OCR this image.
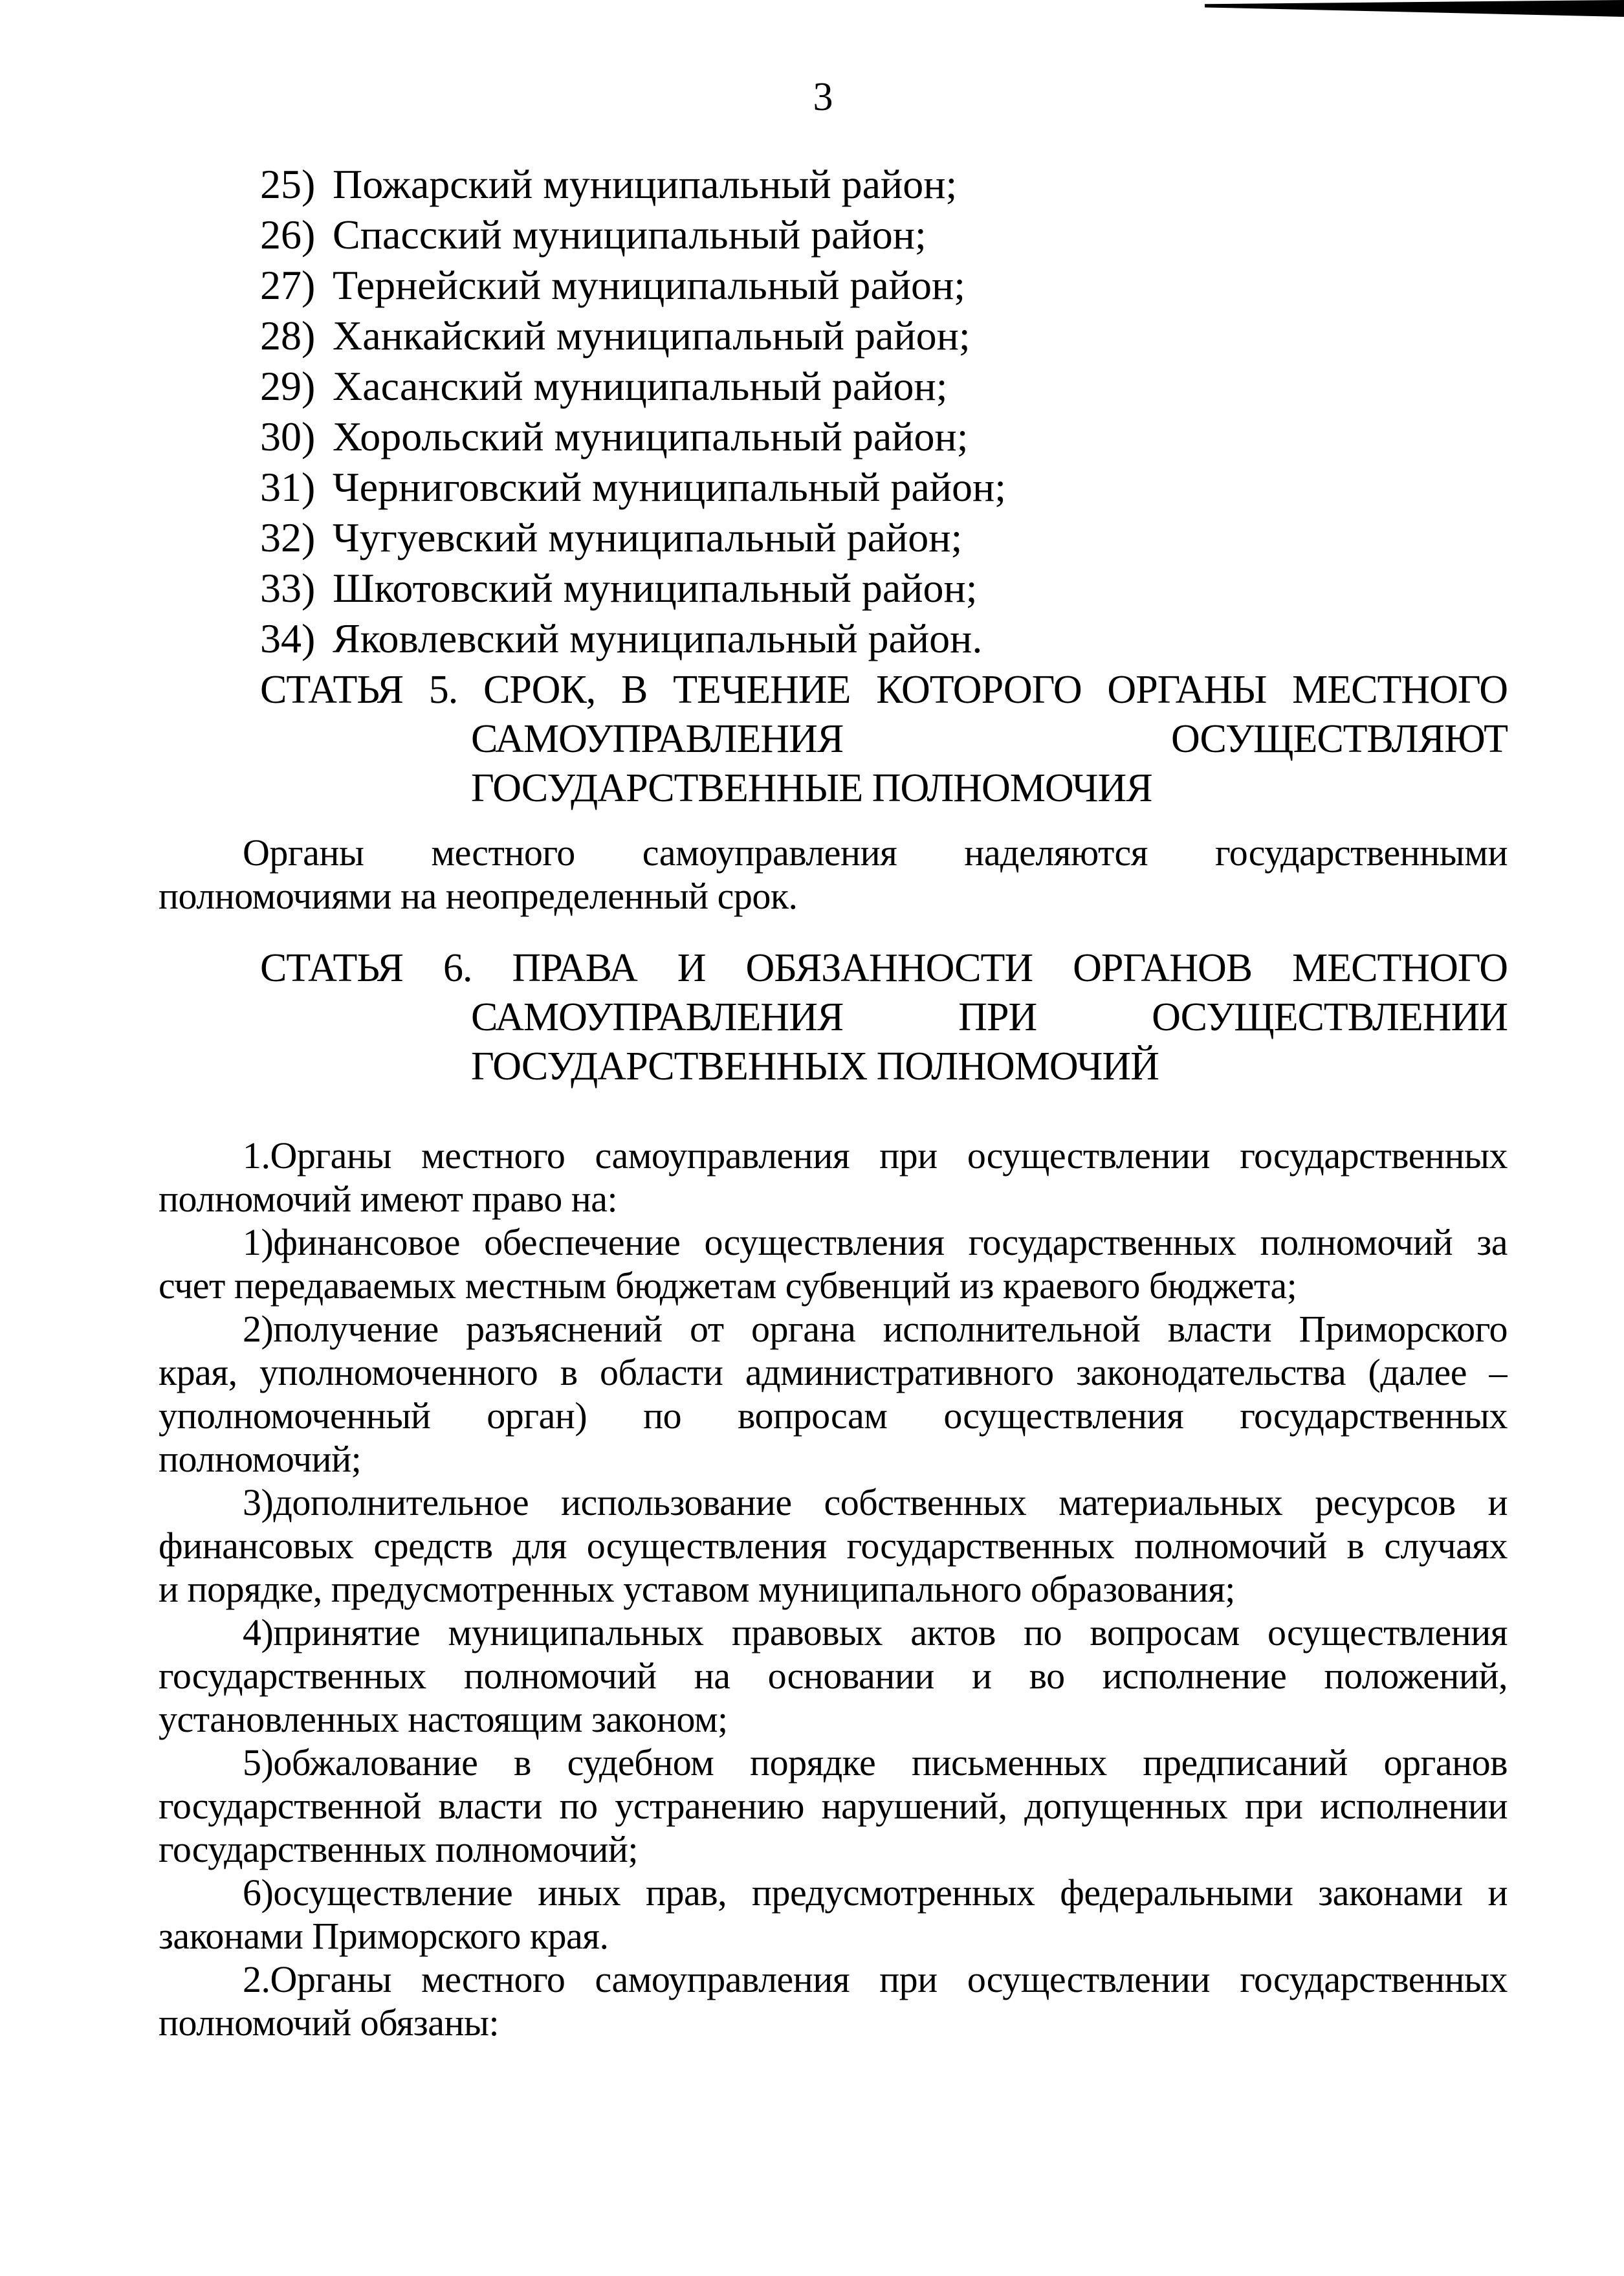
3
25) Пожарский муниципальный район;
26) Спасский муниципальный район;
27) Тернейский муниципальный район;
28) Ханкайский муниципальный район;
29) Хасанский муниципальный район;
30) Хорольский муниципальный район;
31) Черниговский муниципальный район;
32) Чугуевский муниципальный район;
33) Шкотовский муниципальный район;
34) Яковлевский муниципальный район.
СТАТЬЯ 5. СРОК, В ТЕЧЕНИЕ КОТОРОГО ОРГАНЫ МЕСТНОГО
САМОУПРАВЛЕНИЯ ОСУЩЕСТВЛЯЮТ
ГОСУДАРСТВЕННЫЕ ПОЛНОМОЧИЯ
Органы местного самоуправления наделяются государственными
полномочиями на неопределенный срок.
СТАТЬЯ 6. ПРАВА И ОБЯЗАННОСТИ ОРГАНОВ МЕСТНОГО
САМОУПРАВЛЕНИЯ ПРИ ОСУЩЕСТВЛЕНИИ
ГОСУДАРСТВЕННЫХ ПОЛНОМОЧИЙ
1.Органы местного самоуправления при осуществлении государственных
полномочий имеют право на:
1)финансовое обеспечение осуществления государственных полномочий за
счет передаваемых местным бюджетам субвенций из краевого бюджета;
2)получение разъяснений от органа исполнительной власти Приморского
края, уполномоченного в области административного законодательства (далее –
уполномоченный орган) по вопросам осуществления государственных
полномочий;
3)дополнительное использование собственных материальных ресурсов и
финансовых средств для осуществления государственных полномочий в случаях
и порядке, предусмотренных уставом муниципального образования;
4)принятие муниципальных правовых актов по вопросам осуществления
государственных полномочий на основании и во исполнение положений,
установленных настоящим законом;
5)обжалование в судебном порядке письменных предписаний органов
государственной власти по устранению нарушений, допущенных при исполнении
государственных полномочий;
6)осуществление иных прав, предусмотренных федеральными законами и
законами Приморского края.
2.Органы местного самоуправления при осуществлении государственных
полномочий обязаны:
